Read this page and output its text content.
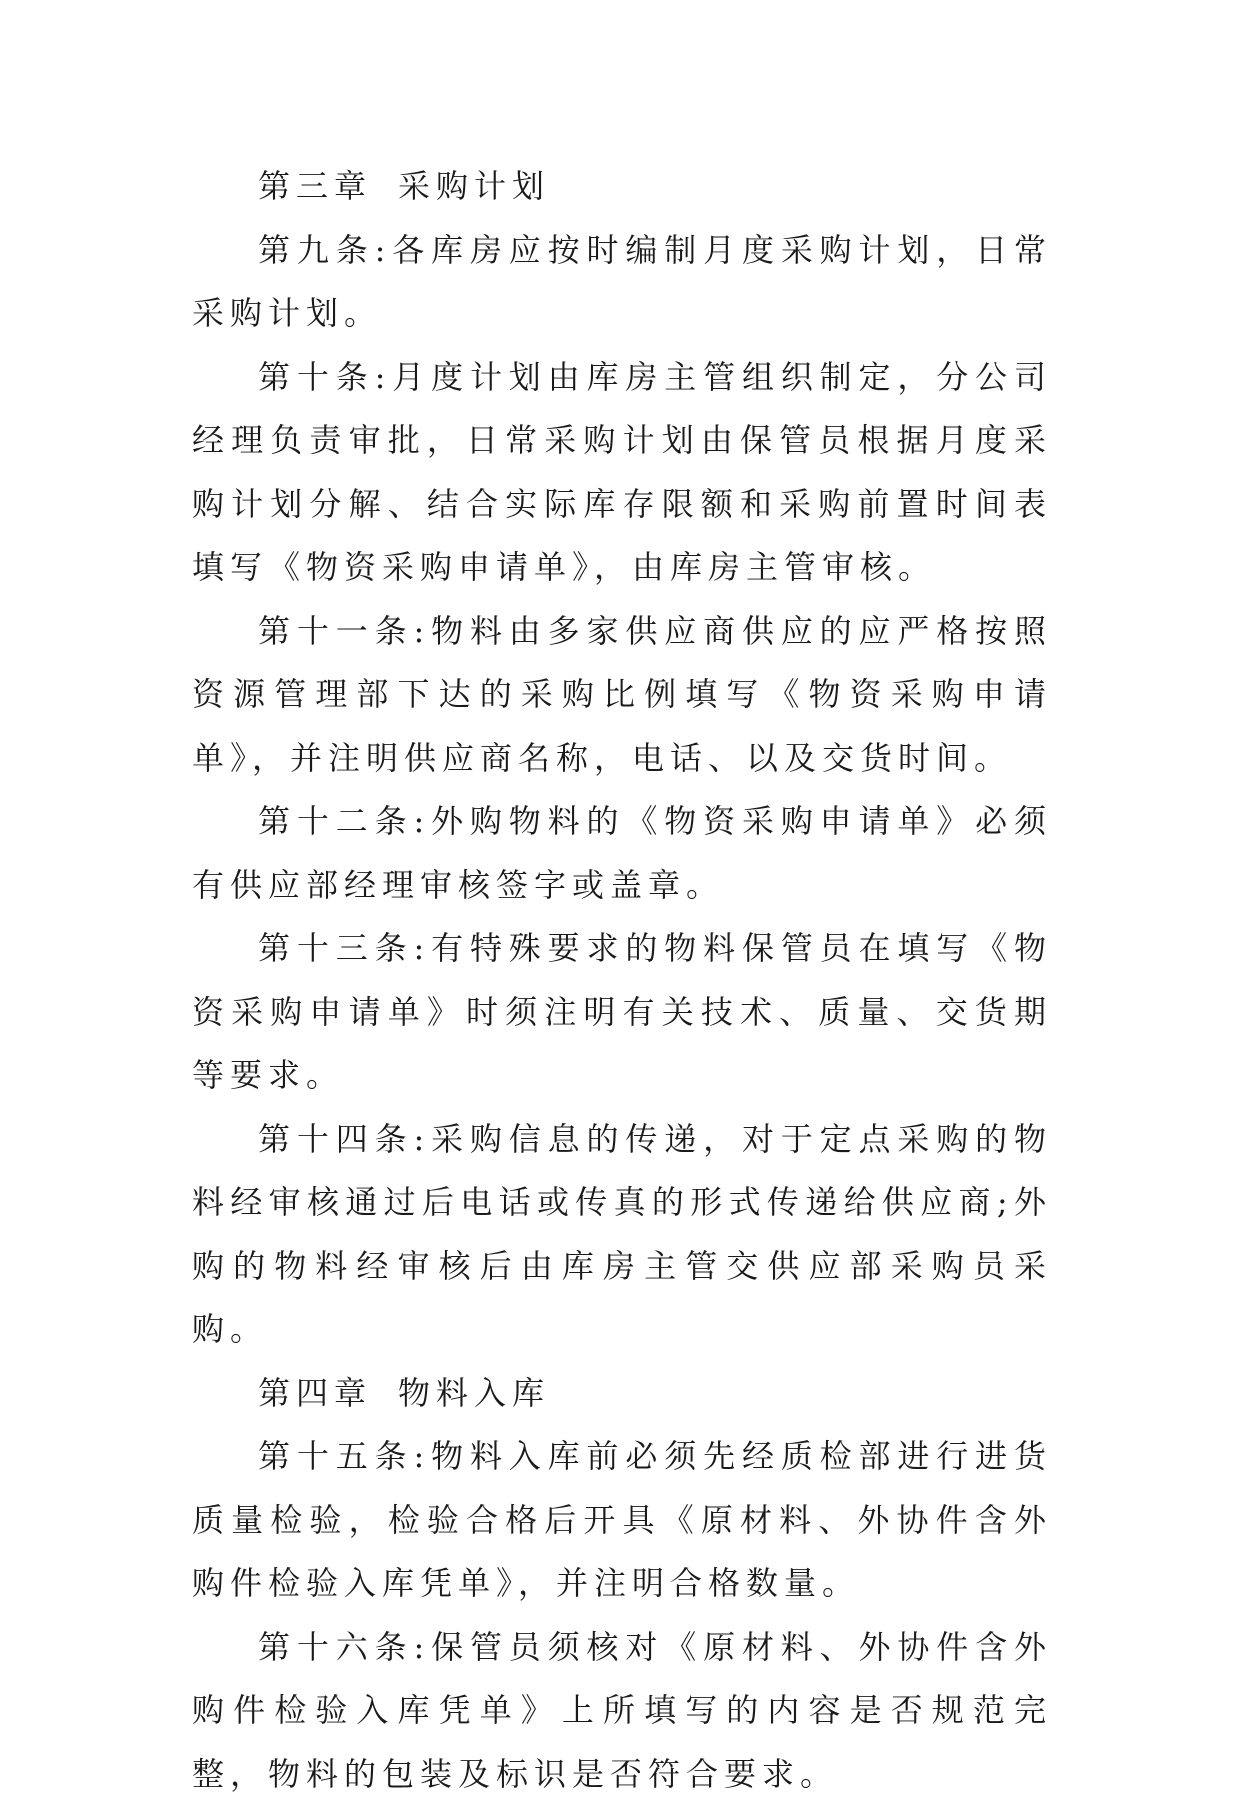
第三章 采购计划

第九条:各库房应按时编制月度采购计划，日常采购计划。

第十条:月度计划由库房主管组织制定，分公司经理负责审批，日常采购计划由保管员根据月度采购计划分解、结合实际库存限额和采购前置时间表填写《物资采购申请单》，由库房主管审核。

第十一条:物料由多家供应商供应的应严格按照资源管理部下达的采购比例填写《物资采购申请单》，并注明供应商名称，电话、以及交货时间。

第十二条:外购物料的《物资采购申请单》必须有供应部经理审核签字或盖章。

第十三条:有特殊要求的物料保管员在填写《物资采购申请单》时须注明有关技术、质量、交货期等要求。

第十四条:采购信息的传递，对于定点采购的物料经审核通过后电话或传真的形式传递给供应商;外购的物料经审核后由库房主管交供应部采购员采购。

第四章 物料入库

第十五条:物料入库前必须先经质检部进行进货质量检验，检验合格后开具《原材料、外协件含外购件检验入库凭单》，并注明合格数量。

第十六条:保管员须核对《原材料、外协件含外购件检验入库凭单》上所填写的内容是否规范完整，物料的包装及标识是否符合要求。
